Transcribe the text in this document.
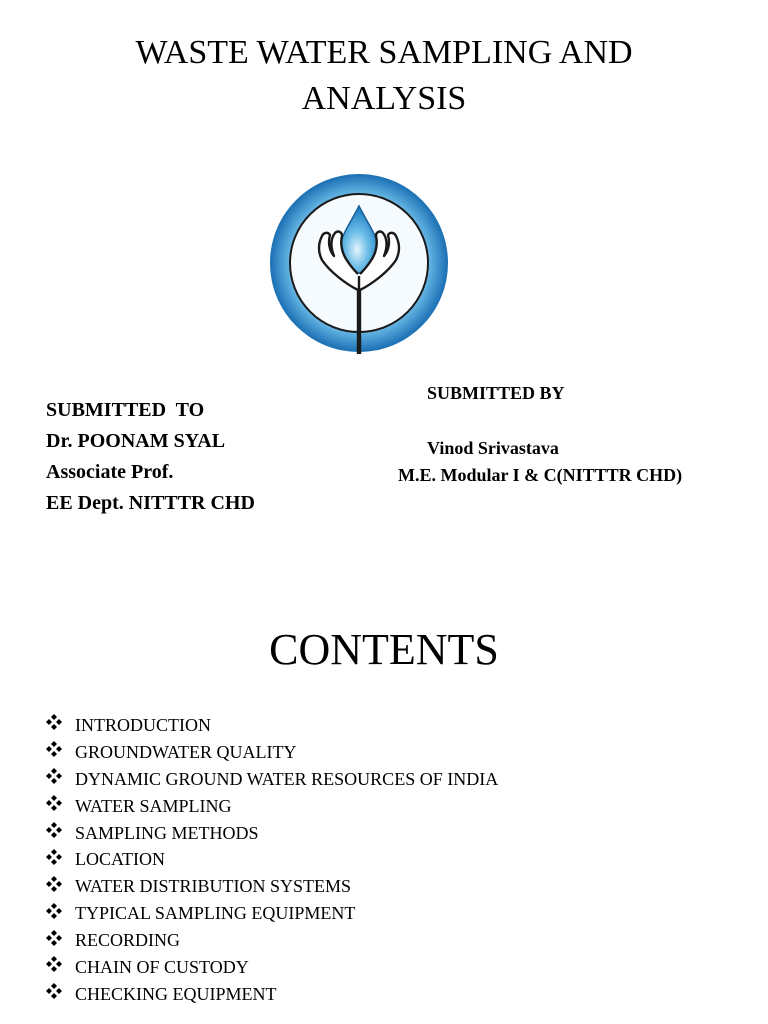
WASTE WATER SAMPLING AND
ANALYSIS
SUBMITTED  TO
Dr. POONAM SYAL
Associate Prof.
EE Dept. NITTTR CHD
SUBMITTED BY
Vinod Srivastava
M.E. Modular I & C(NITTTR CHD)
CONTENTS
INTRODUCTION
GROUNDWATER QUALITY
DYNAMIC GROUND WATER RESOURCES OF INDIA
WATER SAMPLING
SAMPLING METHODS
LOCATION
WATER DISTRIBUTION SYSTEMS
TYPICAL SAMPLING EQUIPMENT
RECORDING
CHAIN OF CUSTODY
CHECKING EQUIPMENT
